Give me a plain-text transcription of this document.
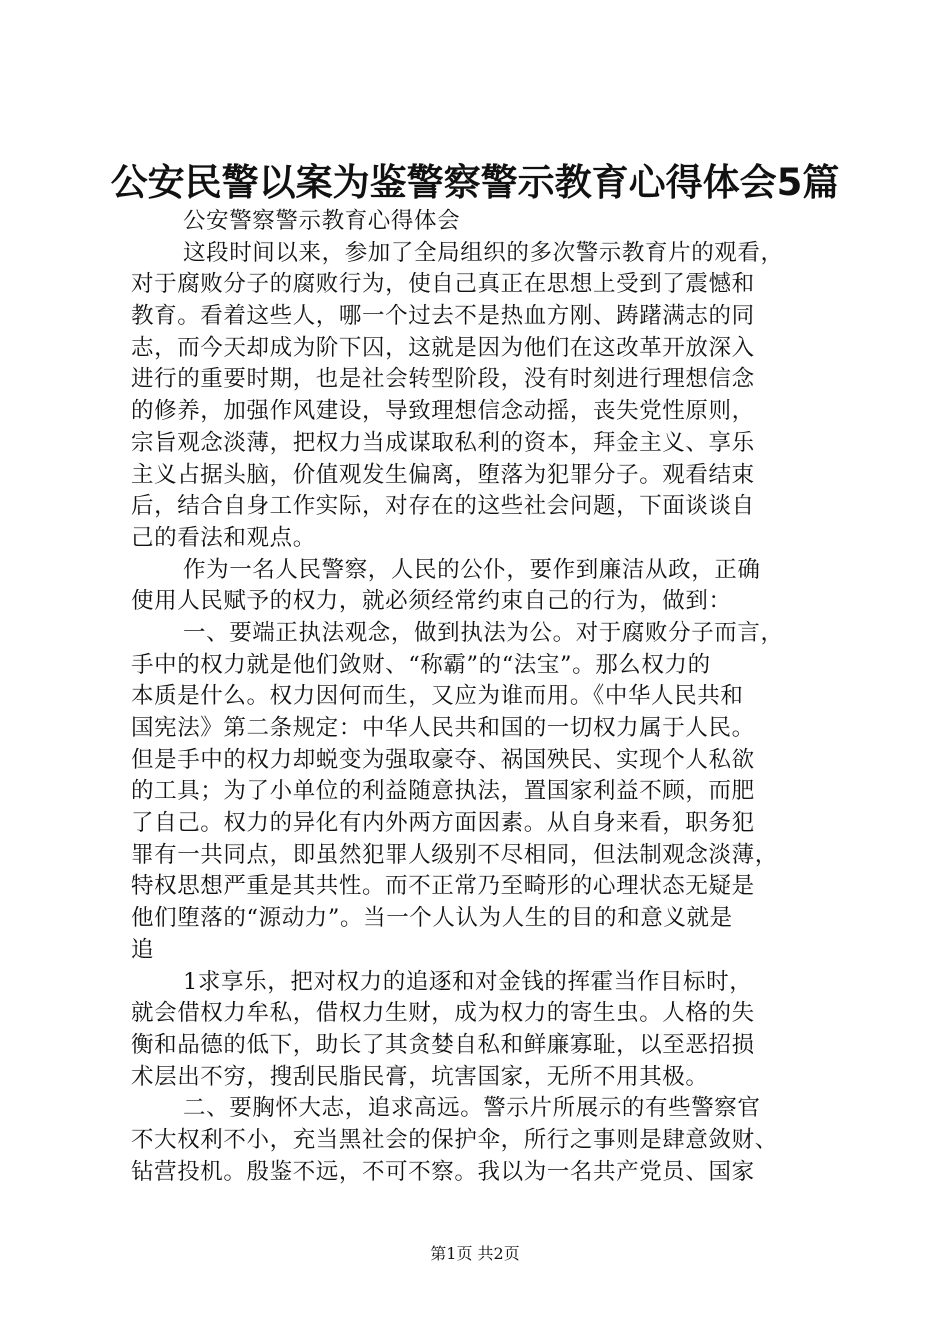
公安民警以案为鉴警察警示教育心得体会5篇
公安警察警示教育心得体会
这段时间以来，参加了全局组织的多次警示教育片的观看，
对于腐败分子的腐败行为，使自己真正在思想上受到了震憾和
教育。看着这些人，哪一个过去不是热血方刚、踌躇满志的同
志，而今天却成为阶下囚，这就是因为他们在这改革开放深入
进行的重要时期，也是社会转型阶段，没有时刻进行理想信念
的修养，加强作风建设，导致理想信念动摇，丧失党性原则，
宗旨观念淡薄，把权力当成谋取私利的资本，拜金主义、享乐
主义占据头脑，价值观发生偏离，堕落为犯罪分子。观看结束
后，结合自身工作实际，对存在的这些社会问题，下面谈谈自
己的看法和观点。
作为一名人民警察，人民的公仆，要作到廉洁从政，正确
使用人民赋予的权力，就必须经常约束自己的行为，做到：
一、要端正执法观念，做到执法为公。对于腐败分子而言，
手中的权力就是他们敛财、“称霸”的“法宝”。那么权力的
本质是什么。权力因何而生，又应为谁而用。《中华人民共和
国宪法》第二条规定：中华人民共和国的一切权力属于人民。
但是手中的权力却蜕变为强取豪夺、祸国殃民、实现个人私欲
的工具；为了小单位的利益随意执法，置国家利益不顾，而肥
了自己。权力的异化有内外两方面因素。从自身来看，职务犯
罪有一共同点，即虽然犯罪人级别不尽相同，但法制观念淡薄，
特权思想严重是其共性。而不正常乃至畸形的心理状态无疑是
他们堕落的“源动力”。当一个人认为人生的目的和意义就是
追
1求享乐，把对权力的追逐和对金钱的挥霍当作目标时，
就会借权力牟私，借权力生财，成为权力的寄生虫。人格的失
衡和品德的低下，助长了其贪婪自私和鲜廉寡耻，以至恶招损
术层出不穷，搜刮民脂民膏，坑害国家，无所不用其极。
二、要胸怀大志，追求高远。警示片所展示的有些警察官
不大权利不小，充当黑社会的保护伞，所行之事则是肆意敛财、
钻营投机。殷鉴不远，不可不察。我以为一名共产党员、国家
第1页 共2页
